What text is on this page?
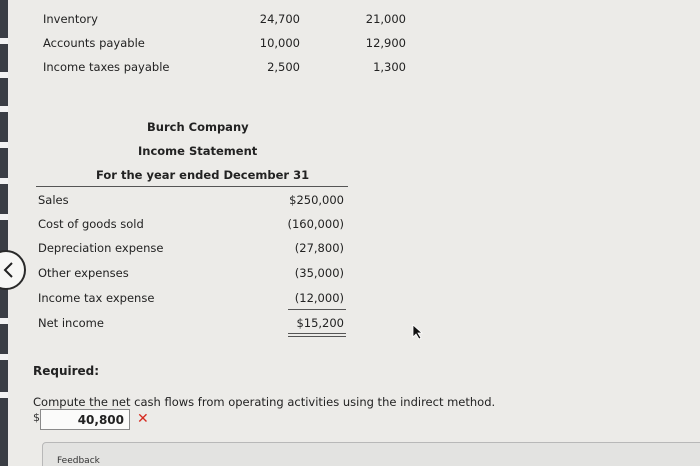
Inventory	24,700	21,000
Accounts payable	10,000	12,900
Income taxes payable	2,500	1,300
Burch Company
Income Statement
For the year ended December 31
Sales	$250,000
Cost of goods sold	(160,000)
Depreciation expense	(27,800)
Other expenses	(35,000)
Income tax expense	(12,000)
Net income	$15,200
Required:
Compute the net cash flows from operating activities using the indirect method.
$	40,800 ✕
Feedback
